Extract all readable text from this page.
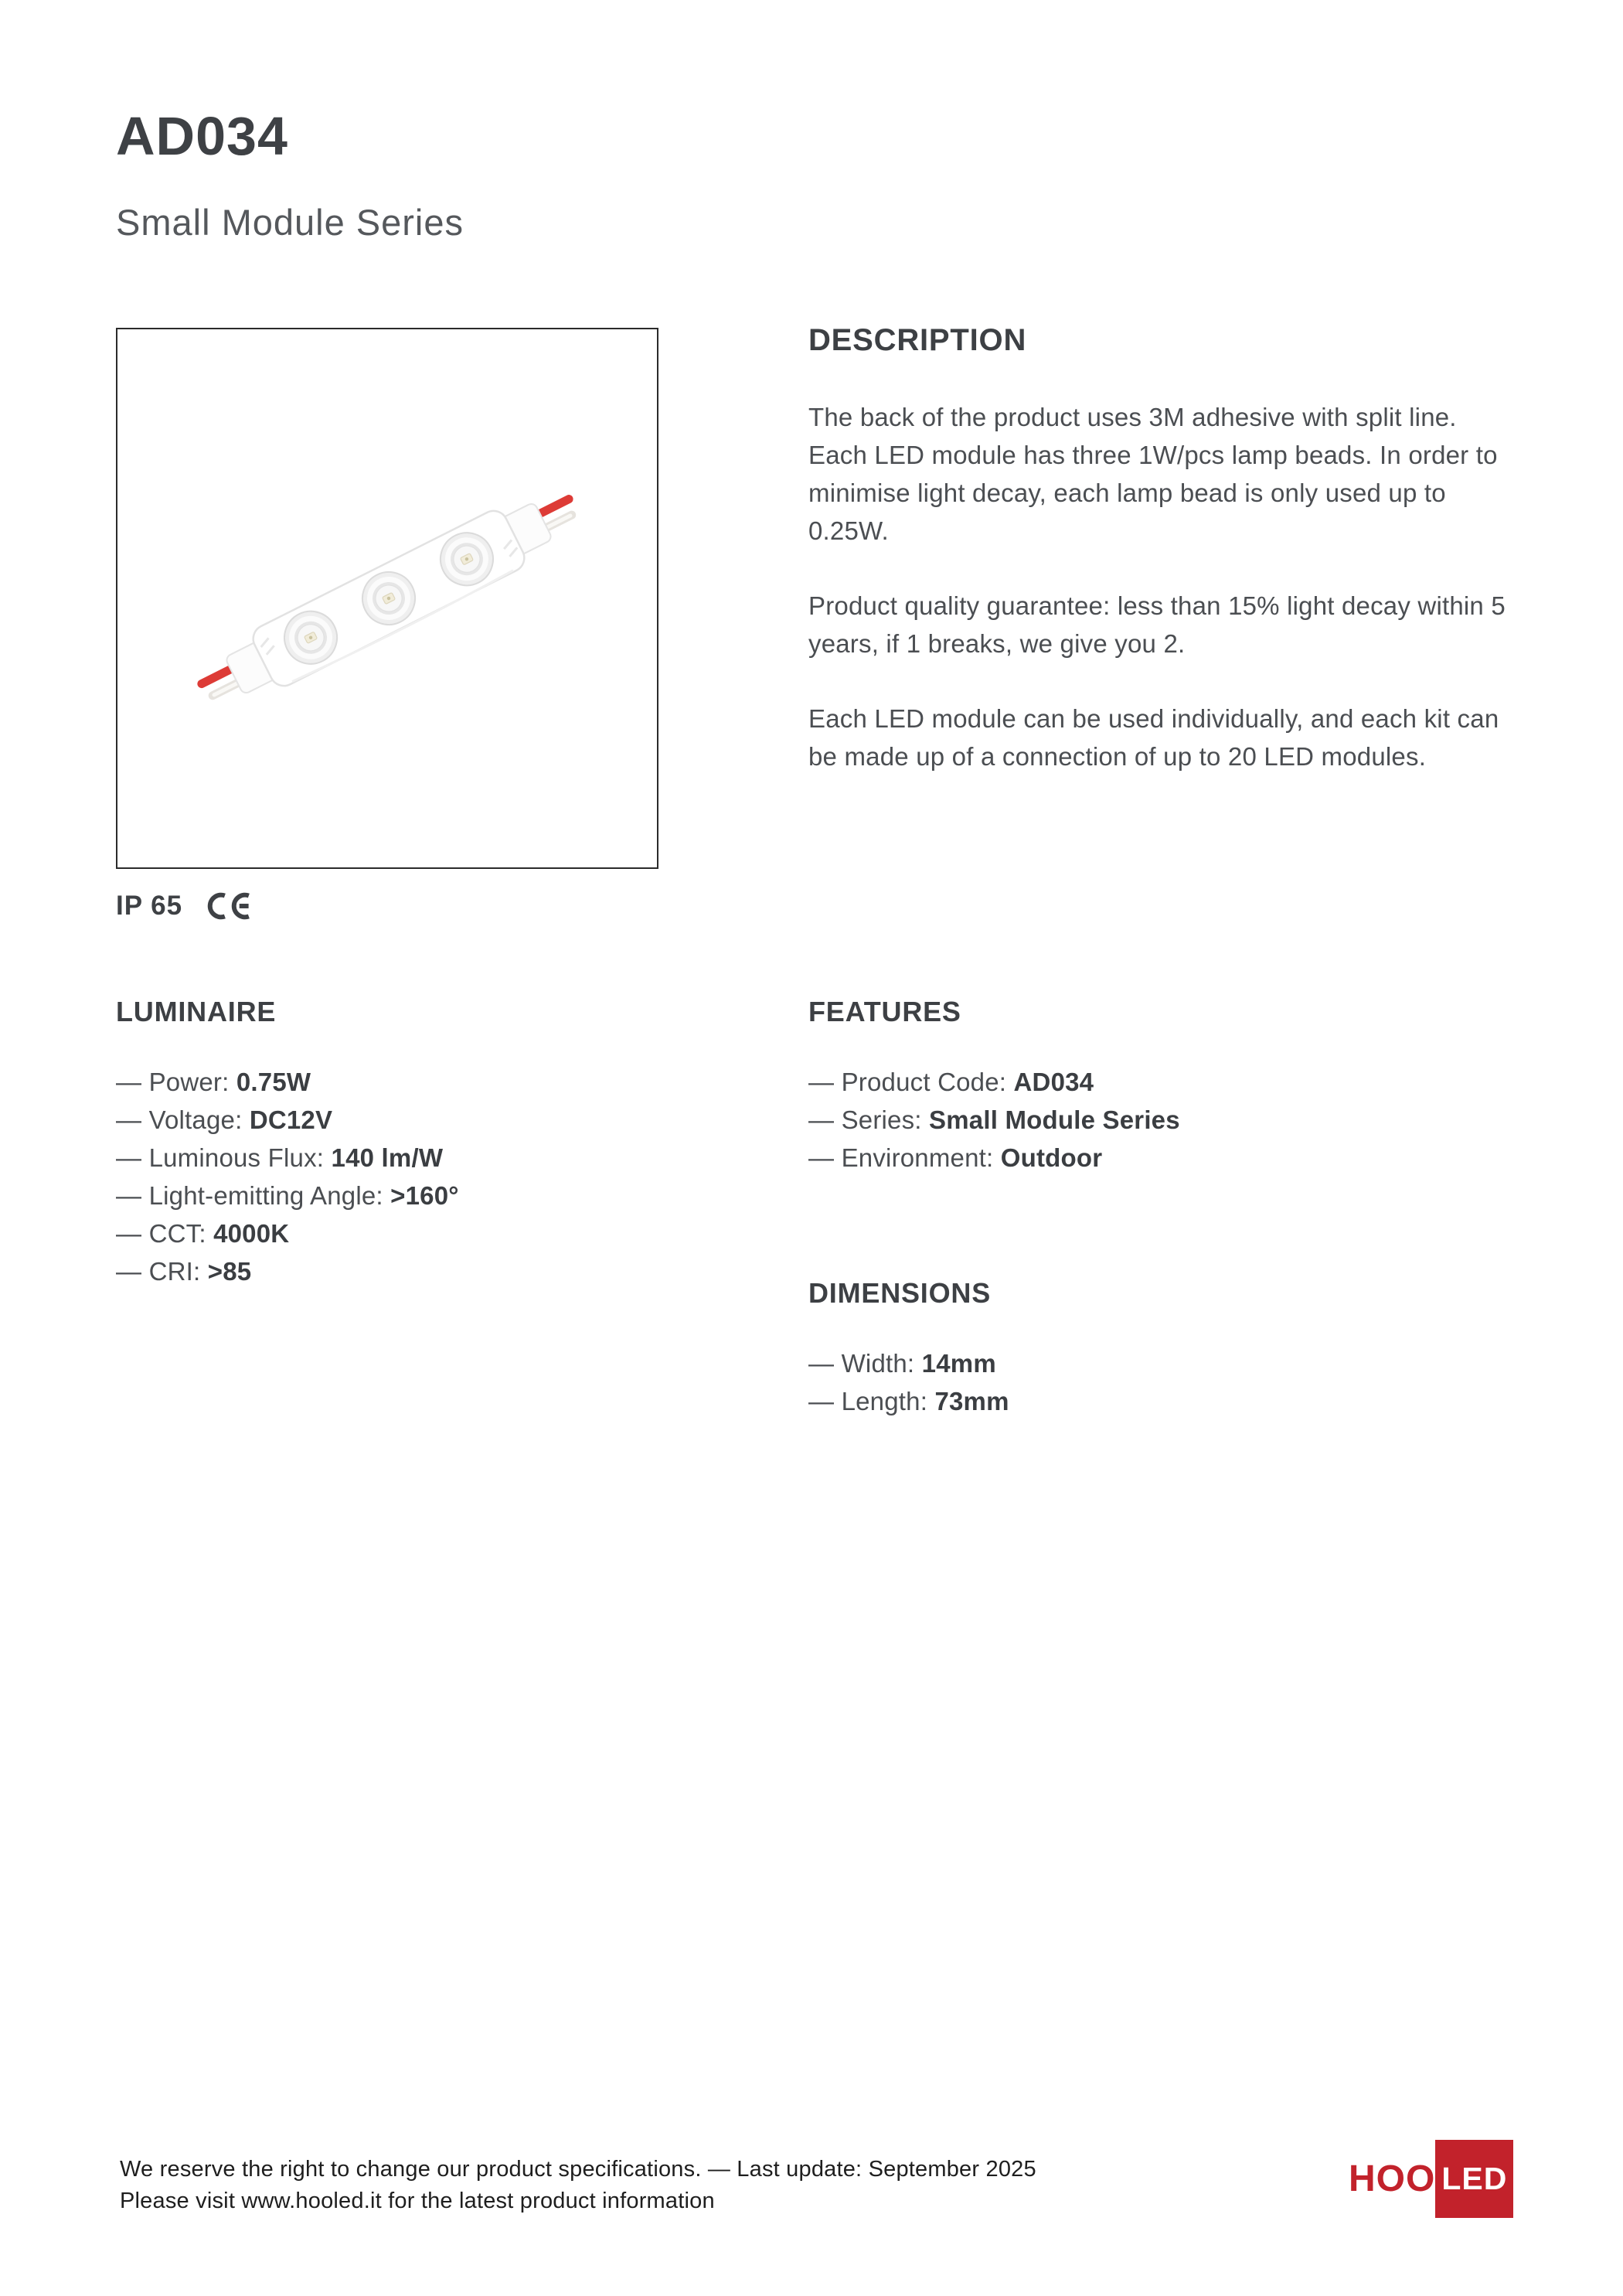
AD034
Small Module Series
IP 65
DESCRIPTION

The back of the product uses 3M adhesive with split line. Each LED module has three 1W/pcs lamp beads. In order to minimise light decay, each lamp bead is only used up to 0.25W.

Product quality guarantee: less than 15% light decay within 5 years, if 1 breaks, we give you 2.

Each LED module can be used individually, and each kit can be made up of a connection of up to 20 LED modules.

LUMINAIRE
— Power: 0.75W
— Voltage: DC12V
— Luminous Flux: 140 lm/W
— Light-emitting Angle: >160°
— CCT: 4000K
— CRI: >85
FEATURES
— Product Code: AD034
— Series: Small Module Series
— Environment: Outdoor
DIMENSIONS
— Width: 14mm
— Length: 73mm
We reserve the right to change our product specifications. — Last update: September 2025
Please visit www.hooled.it for the latest product information
HOO LED
